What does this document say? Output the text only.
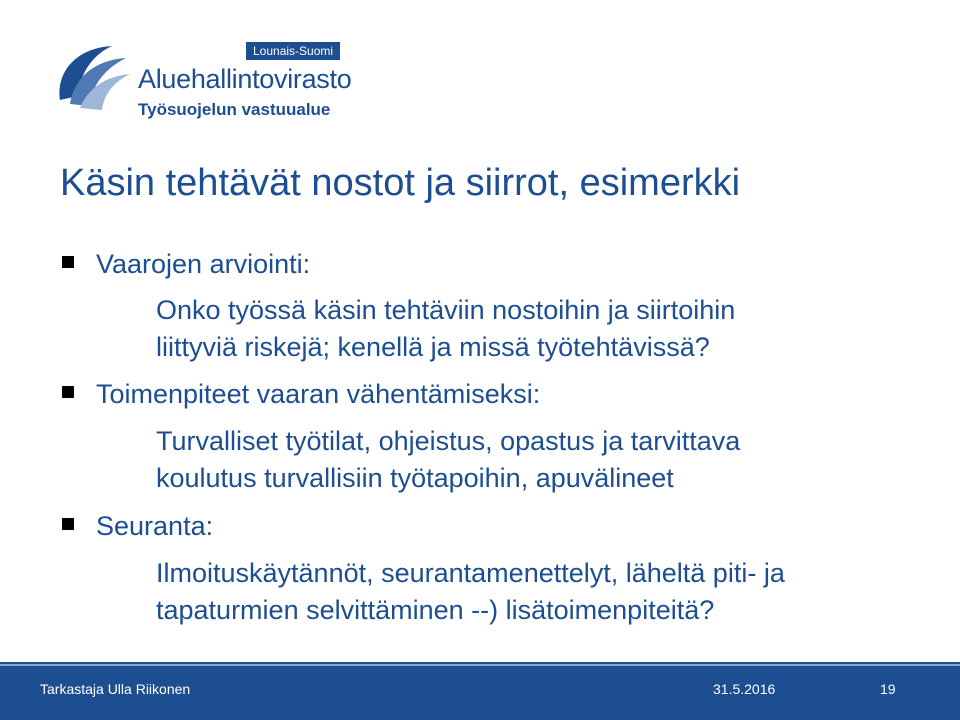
Lounais-Suomi
Aluehallintovirasto
Työsuojelun vastuualue
Käsin tehtävät nostot ja siirrot, esimerkki
Vaarojen arviointi:
Onko työssä käsin tehtäviin nostoihin ja siirtoihin
liittyviä riskejä; kenellä ja missä työtehtävissä?
Toimenpiteet vaaran vähentämiseksi:
Turvalliset työtilat, ohjeistus, opastus ja tarvittava
koulutus turvallisiin työtapoihin, apuvälineet
Seuranta:
Ilmoituskäytännöt, seurantamenettelyt, läheltä piti- ja
tapaturmien selvittäminen --) lisätoimenpiteitä?
Tarkastaja Ulla Riikonen	31.5.2016	19
